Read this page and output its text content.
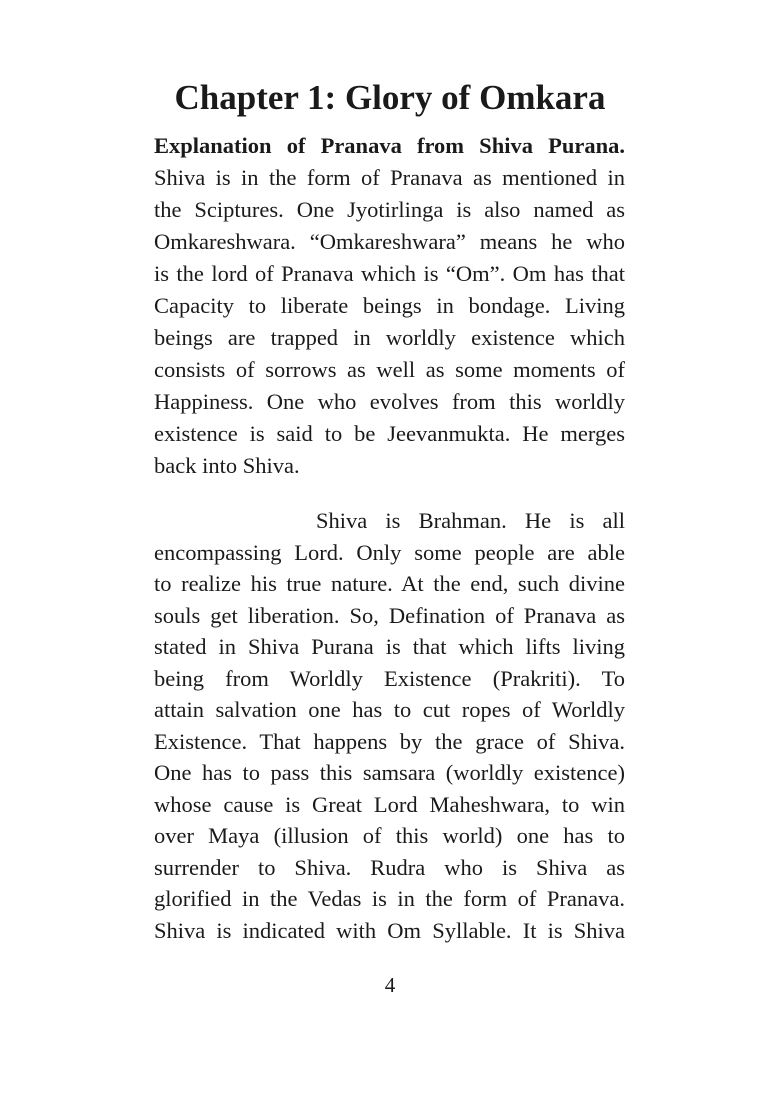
Chapter 1: Glory of Omkara
Explanation of Pranava from Shiva Purana.
Shiva is in the form of Pranava as mentioned in
the Sciptures. One Jyotirlinga is also named as
Omkareshwara. “Omkareshwara” means he who
is the lord of Pranava which is “Om”. Om has that
Capacity to liberate beings in bondage. Living
beings are trapped in worldly existence which
consists of sorrows as well as some moments of
Happiness. One who evolves from this worldly
existence is said to be Jeevanmukta. He merges
back into Shiva.
Shiva is Brahman. He is all
encompassing Lord. Only some people are able
to realize his true nature. At the end, such divine
souls get liberation. So, Defination of Pranava as
stated in Shiva Purana is that which lifts living
being from Worldly Existence (Prakriti). To
attain salvation one has to cut ropes of Worldly
Existence. That happens by the grace of Shiva.
One has to pass this samsara (worldly existence)
whose cause is Great Lord Maheshwara, to win
over Maya (illusion of this world) one has to
surrender to Shiva. Rudra who is Shiva as
glorified in the Vedas is in the form of Pranava.
Shiva is indicated with Om Syllable. It is Shiva
4
